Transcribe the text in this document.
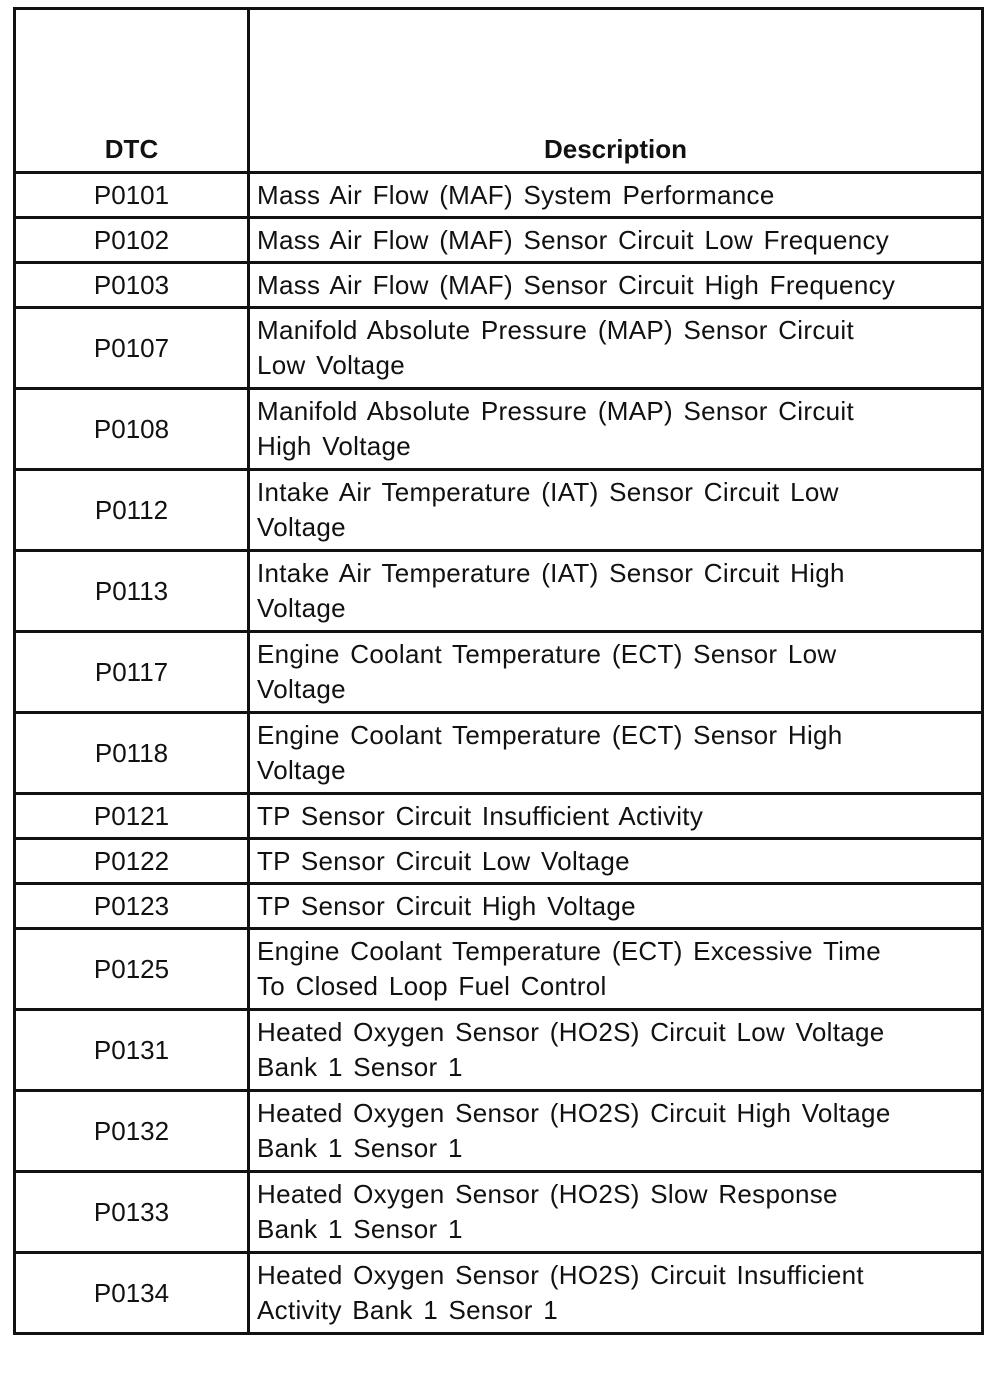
DTC	Description
P0101	Mass Air Flow (MAF) System Performance

P0102	Mass Air Flow (MAF) Sensor Circuit Low Frequency

P0103	Mass Air Flow (MAF) Sensor Circuit High Frequency

P0107	Manifold Absolute Pressure (MAP) Sensor Circuit
Low Voltage

P0108	Manifold Absolute Pressure (MAP) Sensor Circuit
High Voltage

P0112	Intake Air Temperature (IAT) Sensor Circuit Low
Voltage

P0113	Intake Air Temperature (IAT) Sensor Circuit High
Voltage

P0117	Engine Coolant Temperature (ECT) Sensor Low
Voltage

P0118	Engine Coolant Temperature (ECT) Sensor High
Voltage

P0121	TP Sensor Circuit Insufficient Activity

P0122	TP Sensor Circuit Low Voltage

P0123	TP Sensor Circuit High Voltage

P0125	Engine Coolant Temperature (ECT) Excessive Time
To Closed Loop Fuel Control

P0131	Heated Oxygen Sensor (HO2S) Circuit Low Voltage
Bank 1 Sensor 1

P0132	Heated Oxygen Sensor (HO2S) Circuit High Voltage
Bank 1 Sensor 1

P0133	Heated Oxygen Sensor (HO2S) Slow Response
Bank 1 Sensor 1

P0134	Heated Oxygen Sensor (HO2S) Circuit Insufficient
Activity Bank 1 Sensor 1
